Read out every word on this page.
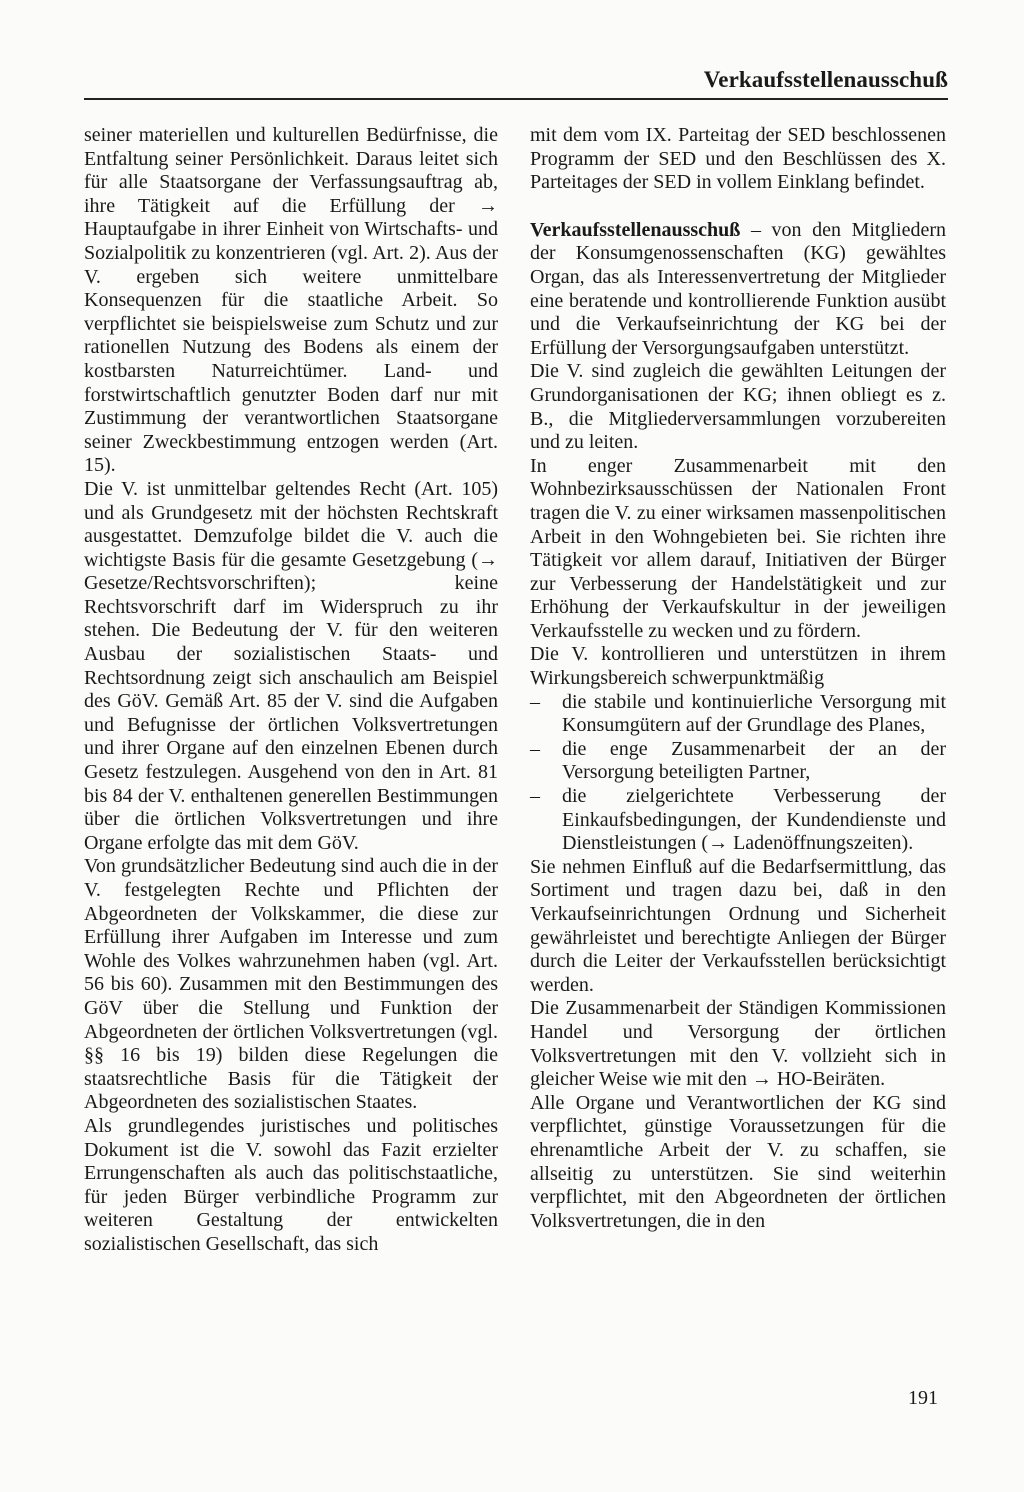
Verkaufsstellenausschuß

seiner materiellen und kulturellen Bedürfnisse, die Entfaltung seiner Persönlichkeit. Daraus leitet sich für alle Staatsorgane der Verfassungsauftrag ab, ihre Tätigkeit auf die Erfüllung der → Hauptaufgabe in ihrer Einheit von Wirtschafts- und Sozialpolitik zu konzentrieren (vgl. Art. 2). Aus der V. ergeben sich weitere unmittelbare Konsequenzen für die staatliche Arbeit. So verpflichtet sie beispielsweise zum Schutz und zur rationellen Nutzung des Bodens als einem der kostbarsten Naturreichtümer. Land- und forstwirtschaftlich genutzter Boden darf nur mit Zustimmung der verantwortlichen Staatsorgane seiner Zweckbestimmung entzogen werden (Art. 15).

Die V. ist unmittelbar geltendes Recht (Art. 105) und als Grundgesetz mit der höchsten Rechtskraft ausgestattet. Demzufolge bildet die V. auch die wichtigste Basis für die gesamte Gesetzgebung (→ Gesetze/Rechtsvorschriften); keine Rechtsvorschrift darf im Widerspruch zu ihr stehen. Die Bedeutung der V. für den weiteren Ausbau der sozialistischen Staats- und Rechtsordnung zeigt sich anschaulich am Beispiel des GöV. Gemäß Art. 85 der V. sind die Aufgaben und Befugnisse der örtlichen Volksvertretungen und ihrer Organe auf den einzelnen Ebenen durch Gesetz festzulegen. Ausgehend von den in Art. 81 bis 84 der V. enthaltenen generellen Bestimmungen über die örtlichen Volksvertretungen und ihre Organe erfolgte das mit dem GöV.

Von grundsätzlicher Bedeutung sind auch die in der V. festgelegten Rechte und Pflichten der Abgeordneten der Volkskammer, die diese zur Erfüllung ihrer Aufgaben im Interesse und zum Wohle des Volkes wahrzunehmen haben (vgl. Art. 56 bis 60). Zusammen mit den Bestimmungen des GöV über die Stellung und Funktion der Abgeordneten der örtlichen Volksvertretungen (vgl. §§ 16 bis 19) bilden diese Regelungen die staatsrechtliche Basis für die Tätigkeit der Abgeordneten des sozialistischen Staates.

Als grundlegendes juristisches und politisches Dokument ist die V. sowohl das Fazit erzielter Errungenschaften als auch das politischstaatliche, für jeden Bürger verbindliche Programm zur weiteren Gestaltung der entwickelten sozialistischen Gesellschaft, das sich

mit dem vom IX. Parteitag der SED beschlossenen Programm der SED und den Beschlüssen des X. Parteitages der SED in vollem Einklang befindet.

Verkaufsstellenausschuß – von den Mitgliedern der Konsumgenossenschaften (KG) gewähltes Organ, das als Interessenvertretung der Mitglieder eine beratende und kontrollierende Funktion ausübt und die Verkaufseinrichtung der KG bei der Erfüllung der Versorgungsaufgaben unterstützt.

Die V. sind zugleich die gewählten Leitungen der Grundorganisationen der KG; ihnen obliegt es z. B., die Mitgliederversammlungen vorzubereiten und zu leiten.

In enger Zusammenarbeit mit den Wohnbezirksausschüssen der Nationalen Front tragen die V. zu einer wirksamen massenpolitischen Arbeit in den Wohngebieten bei. Sie richten ihre Tätigkeit vor allem darauf, Initiativen der Bürger zur Verbesserung der Handelstätigkeit und zur Erhöhung der Verkaufskultur in der jeweiligen Verkaufsstelle zu wecken und zu fördern.

Die V. kontrollieren und unterstützen in ihrem Wirkungsbereich schwerpunktmäßig

– die stabile und kontinuierliche Versorgung mit Konsumgütern auf der Grundlage des Planes,
– die enge Zusammenarbeit der an der Versorgung beteiligten Partner,
– die zielgerichtete Verbesserung der Einkaufsbedingungen, der Kundendienste und Dienstleistungen (→ Ladenöffnungszeiten).

Sie nehmen Einfluß auf die Bedarfsermittlung, das Sortiment und tragen dazu bei, daß in den Verkaufseinrichtungen Ordnung und Sicherheit gewährleistet und berechtigte Anliegen der Bürger durch die Leiter der Verkaufsstellen berücksichtigt werden.

Die Zusammenarbeit der Ständigen Kommissionen Handel und Versorgung der örtlichen Volksvertretungen mit den V. vollzieht sich in gleicher Weise wie mit den → HO-Beiräten.

Alle Organe und Verantwortlichen der KG sind verpflichtet, günstige Voraussetzungen für die ehrenamtliche Arbeit der V. zu schaffen, sie allseitig zu unterstützen. Sie sind weiterhin verpflichtet, mit den Abgeordneten der örtlichen Volksvertretungen, die in den

191
